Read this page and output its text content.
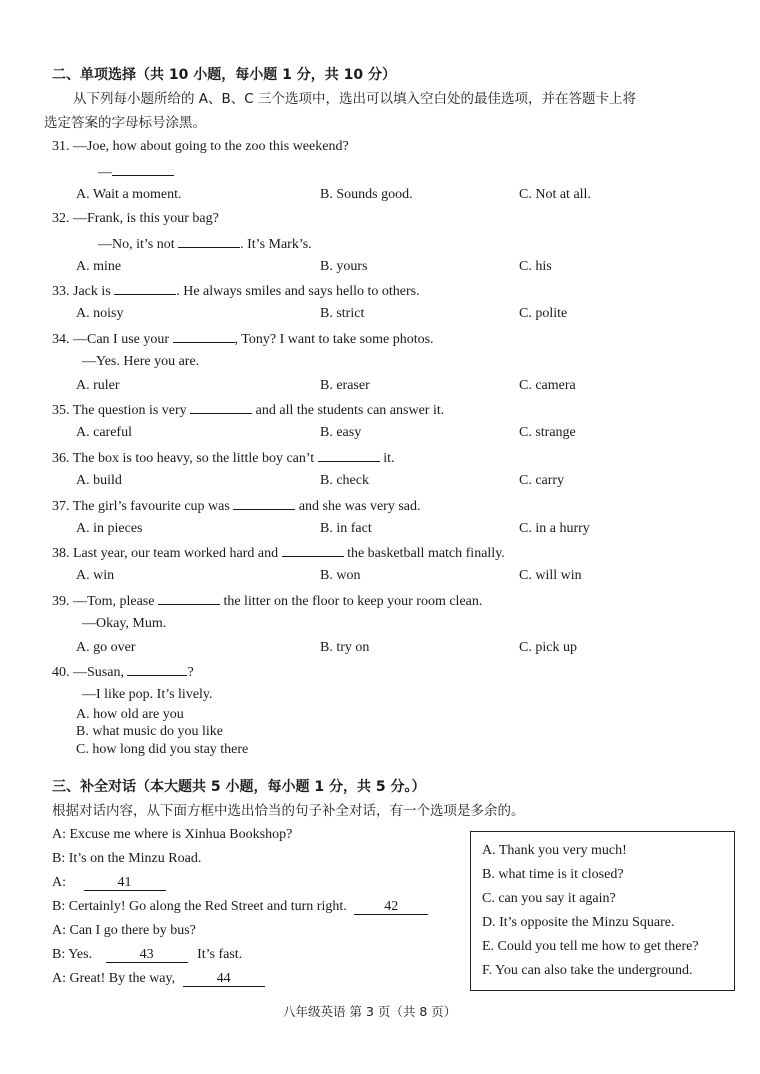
二、单项选择（共 10 小题，每小题 1 分，共 10 分）
从下列每小题所给的 A、B、C 三个选项中，选出可以填入空白处的最佳选项，并在答题卡上将
选定答案的字母标号涂黑。
31. —Joe, how about going to the zoo this weekend?
—
A. Wait a moment.	B. Sounds good.	C. Not at all.
32. —Frank, is this your bag?
—No, it’s not	. It’s Mark’s.
A. mine	B. yours	C. his
33. Jack is	. He always smiles and says hello to others.
A. noisy	B. strict	C. polite
34. —Can I use your	, Tony? I want to take some photos.
—Yes. Here you are.
A. ruler	B. eraser	C. camera
35. The question is very	and all the students can answer it.
A. careful	B. easy	C. strange
36. The box is too heavy, so the little boy can’t	it.
A. build	B. check	C. carry
37. The girl’s favourite cup was	and she was very sad.
A. in pieces	B. in fact	C. in a hurry
38. Last year, our team worked hard and	the basketball match finally.
A. win	B. won	C. will win
39. —Tom, please	the litter on the floor to keep your room clean.
—Okay, Mum.
A. go over	B. try on	C. pick up
40. —Susan,	?
—I like pop. It’s lively.
A. how old are you
B. what music do you like
C. how long did you stay there
三、补全对话（本大题共 5 小题，每小题 1 分，共 5 分。）
根据对话内容，从下面方框中选出恰当的句子补全对话，有一个选项是多余的。
A: Excuse me where is Xinhua Bookshop?
B: It’s on the Minzu Road.
A:	41
B: Certainly! Go along the Red Street and turn right.	42
A: Can I go there by bus?
B: Yes.	43	It’s fast.
A: Great! By the way,	44
A. Thank you very much!
B. what time is it closed?
C. can you say it again?
D. It’s opposite the Minzu Square.
E. Could you tell me how to get there?
F. You can also take the underground.
八年级英语 第 3 页（共 8 页）
